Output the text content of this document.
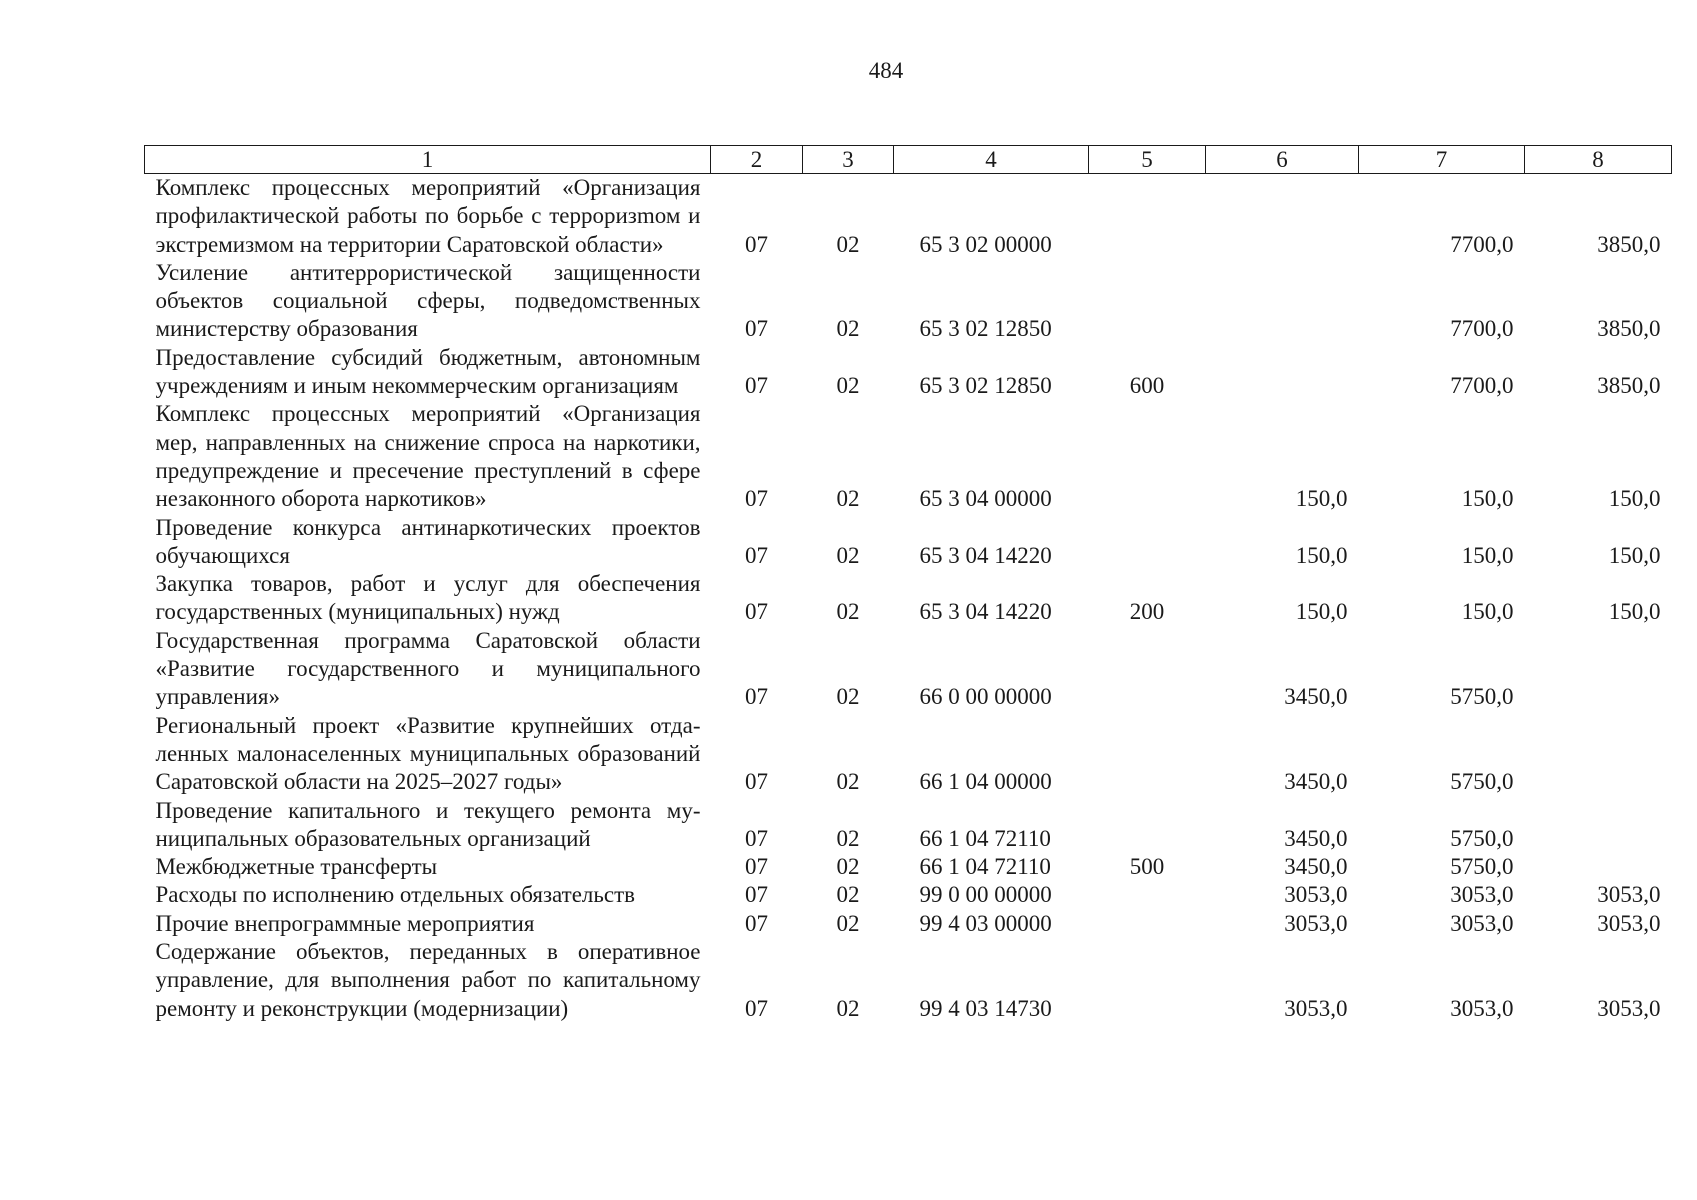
484
1	2	3	4	5	6	7	8
Комплекс процессных мероприятий «Организация профилактической работы по борьбе с терроризmом и экстремизмом на территории Саратовской области»	07	02	65 3 02 00000			7700,0	3850,0
Усиление антитеррористической защищенности объектов социальной сферы, подведомственных министерству образования	07	02	65 3 02 12850			7700,0	3850,0
Предоставление субсидий бюджетным, автономным учреждениям и иным некоммерческим организациям	07	02	65 3 02 12850	600		7700,0	3850,0
Комплекс процессных мероприятий «Организация мер, направленных на снижение спроса на наркотики, предупреждение и пресечение преступлений в сфере незаконного оборота наркотиков»	07	02	65 3 04 00000		150,0	150,0	150,0
Проведение конкурса антинаркотических проектов обучающихся	07	02	65 3 04 14220		150,0	150,0	150,0
Закупка товаров, работ и услуг для обеспечения государственных (муниципальных) нужд	07	02	65 3 04 14220	200	150,0	150,0	150,0
Государственная программа Саратовской области «Развитие государственного и муниципального управления»	07	02	66 0 00 00000		3450,0	5750,0	
Региональный проект «Развитие крупнейших отдаленных малонаселенных муниципальных образований Саратовской области на 2025–2027 годы»	07	02	66 1 04 00000		3450,0	5750,0	
Проведение капитального и текущего ремонта муниципальных образовательных организаций	07	02	66 1 04 72110		3450,0	5750,0	
Межбюджетные трансферты	07	02	66 1 04 72110	500	3450,0	5750,0	
Расходы по исполнению отдельных обязательств	07	02	99 0 00 00000		3053,0	3053,0	3053,0
Прочие внепрограммные мероприятия	07	02	99 4 03 00000		3053,0	3053,0	3053,0
Содержание объектов, переданных в оперативное управление, для выполнения работ по капитальному ремонту и реконструкции (модернизации)	07	02	99 4 03 14730		3053,0	3053,0	3053,0
